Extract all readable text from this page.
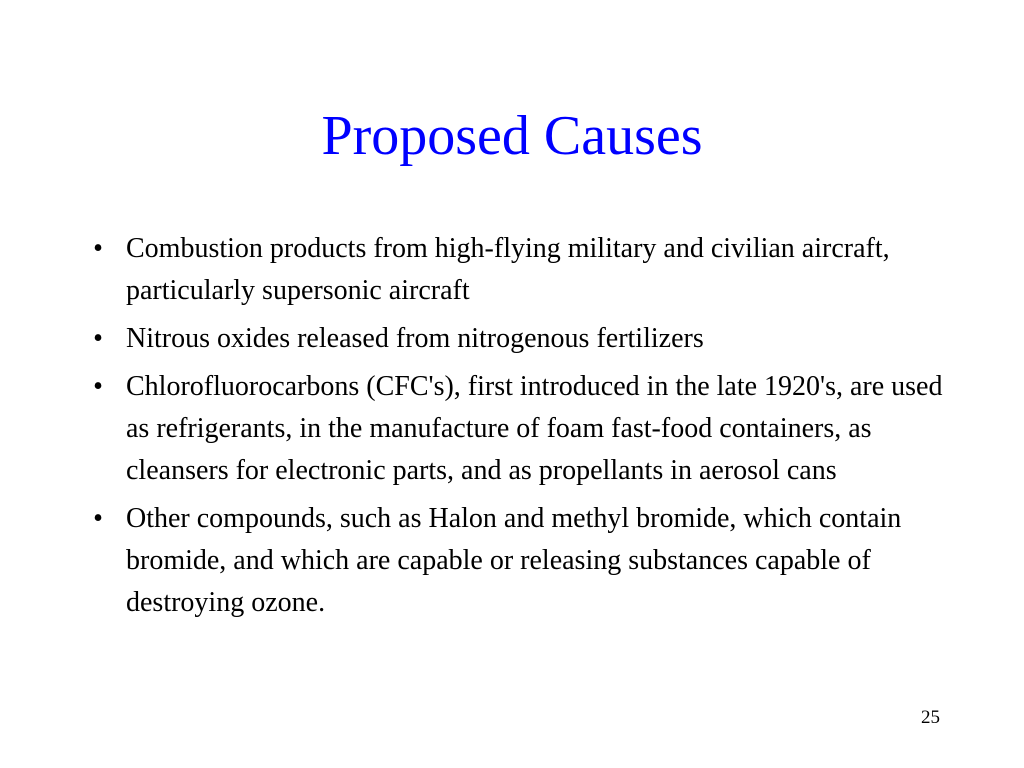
Proposed Causes
• Combustion products from high-flying military and civilian aircraft, particularly supersonic aircraft
• Nitrous oxides released from nitrogenous fertilizers
• Chlorofluorocarbons (CFC's), first introduced in the late 1920's, are used as refrigerants, in the manufacture of foam fast-food containers, as cleansers for electronic parts, and as propellants in aerosol cans
• Other compounds, such as Halon and methyl bromide, which contain bromide, and which are capable or releasing substances capable of destroying ozone.
25
